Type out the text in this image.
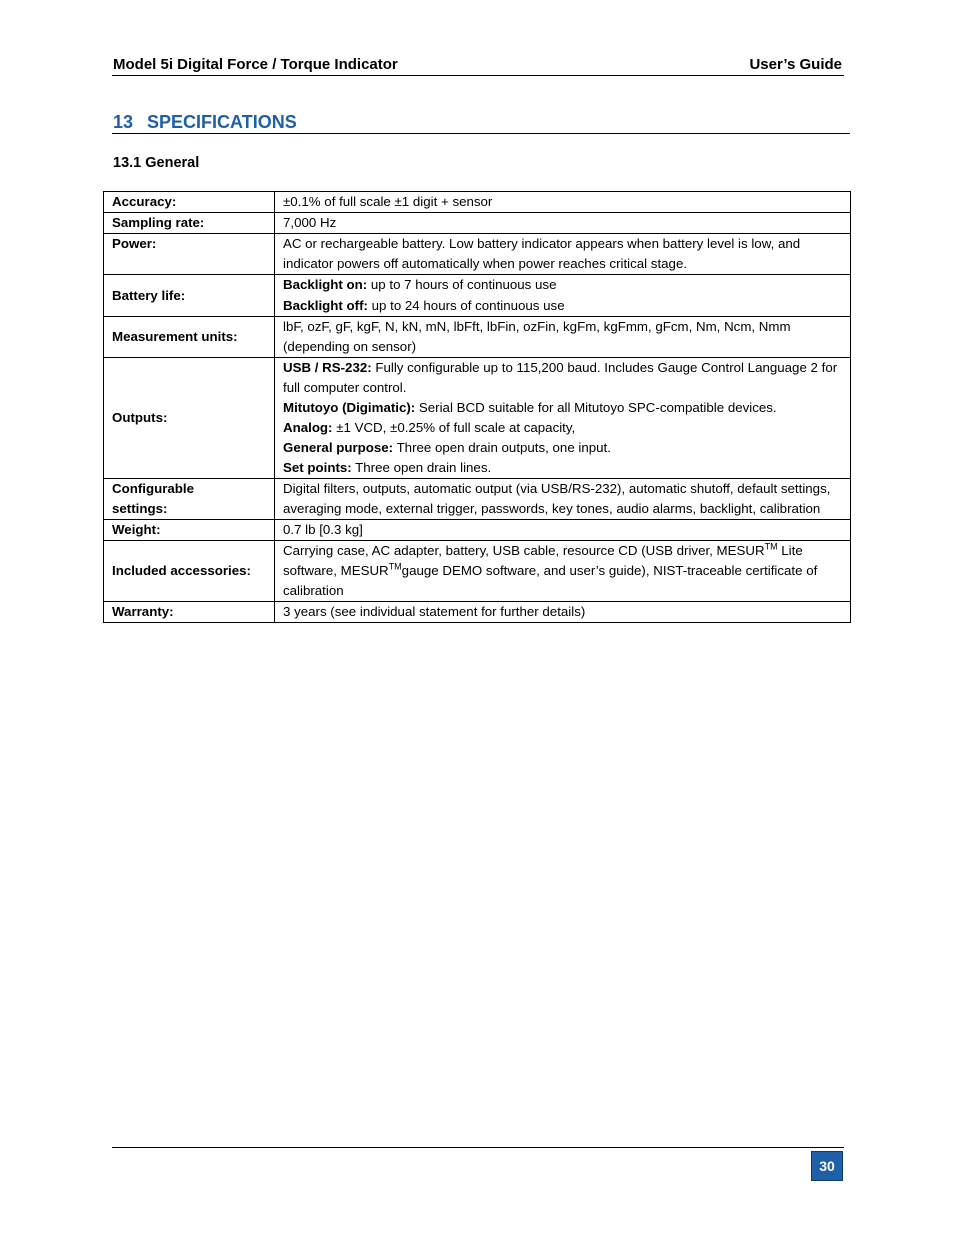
Model 5i Digital Force / Torque Indicator	User’s Guide
13 SPECIFICATIONS
13.1 General
Accuracy:	±0.1% of full scale ±1 digit + sensor
Sampling rate:	7,000 Hz
Power:	AC or rechargeable battery. Low battery indicator appears when battery level is low, and indicator powers off automatically when power reaches critical stage.
Battery life:	Backlight on: up to 7 hours of continuous use
Backlight off: up to 24 hours of continuous use

Measurement units:	lbF, ozF, gF, kgF, N, kN, mN, lbFft, lbFin, ozFin, kgFm, kgFmm, gFcm, Nm, Ncm, Nmm (depending on sensor)
Outputs:	USB / RS-232: Fully configurable up to 115,200 baud. Includes Gauge Control Language 2 for full computer control.
Mitutoyo (Digimatic): Serial BCD suitable for all Mitutoyo SPC-compatible devices.
Analog: ±1 VCD, ±0.25% of full scale at capacity,
General purpose: Three open drain outputs, one input.
Set points: Three open drain lines.

Configurable
settings:	Digital filters, outputs, automatic output (via USB/RS-232), automatic shutoff, default settings, averaging mode, external trigger, passwords, key tones, audio alarms, backlight, calibration
Weight:	0.7 lb [0.3 kg]
Included accessories:	Carrying case, AC adapter, battery, USB cable, resource CD (USB driver, MESUR™ Lite software, MESUR™gauge DEMO software, and user’s guide), NIST-traceable certificate of calibration
Warranty:	3 years (see individual statement for further details)
30
